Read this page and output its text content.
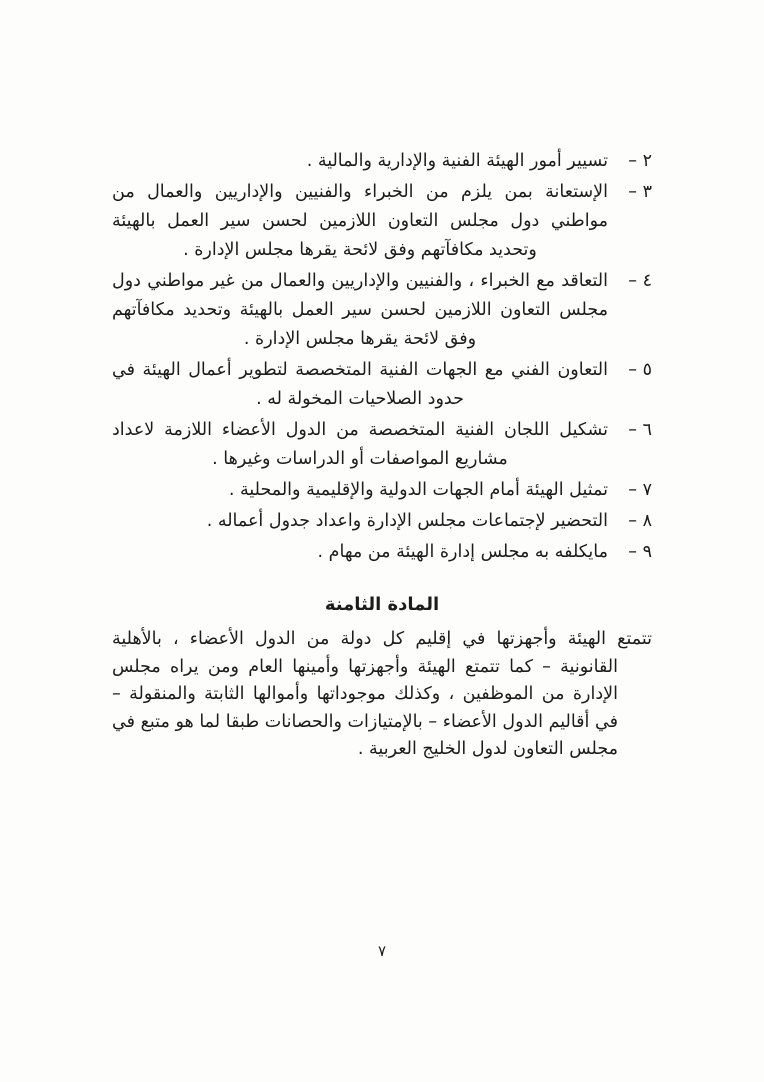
٢ –
تسيير أمور الهيئة الفنية والإدارية والمالية .
٣ –
الإستعانة بمن يلزم من الخبراء والفنيين والإداريين والعمال من مواطني دول مجلس التعاون اللازمين لحسن سير العمل بالهيئة وتحديد مكافآتهم وفق لائحة يقرها مجلس الإدارة .
٤ –
التعاقد مع الخبراء ، والفنيين والإداريين والعمال من غير مواطني دول مجلس التعاون اللازمين لحسن سير العمل بالهيئة وتحديد مكافآتهم وفق لائحة يقرها مجلس الإدارة .
٥ –
التعاون الفني مع الجهات الفنية المتخصصة لتطوير أعمال الهيئة في حدود الصلاحيات المخولة له .
٦ –
تشكيل اللجان الفنية المتخصصة من الدول الأعضاء اللازمة لاعداد مشاريع المواصفات أو الدراسات وغيرها .
٧ –
تمثيل الهيئة أمام الجهات الدولية والإقليمية والمحلية .
٨ –
التحضير لإجتماعات مجلس الإدارة واعداد جدول أعماله .
٩ –
مايكلفه به مجلس إدارة الهيئة من مهام .
المادة الثامنة
تتمتع الهيئة وأجهزتها في إقليم كل دولة من الدول الأعضاء ، بالأهلية القانونية – كما تتمتع الهيئة وأجهزتها وأمينها العام ومن يراه مجلس الإدارة من الموظفين ، وكذلك موجوداتها وأموالها الثابتة والمنقولة – في أقاليم الدول الأعضاء – بالإمتيازات والحصانات طبقا لما هو متبع في مجلس التعاون لدول الخليج العربية .
٧
